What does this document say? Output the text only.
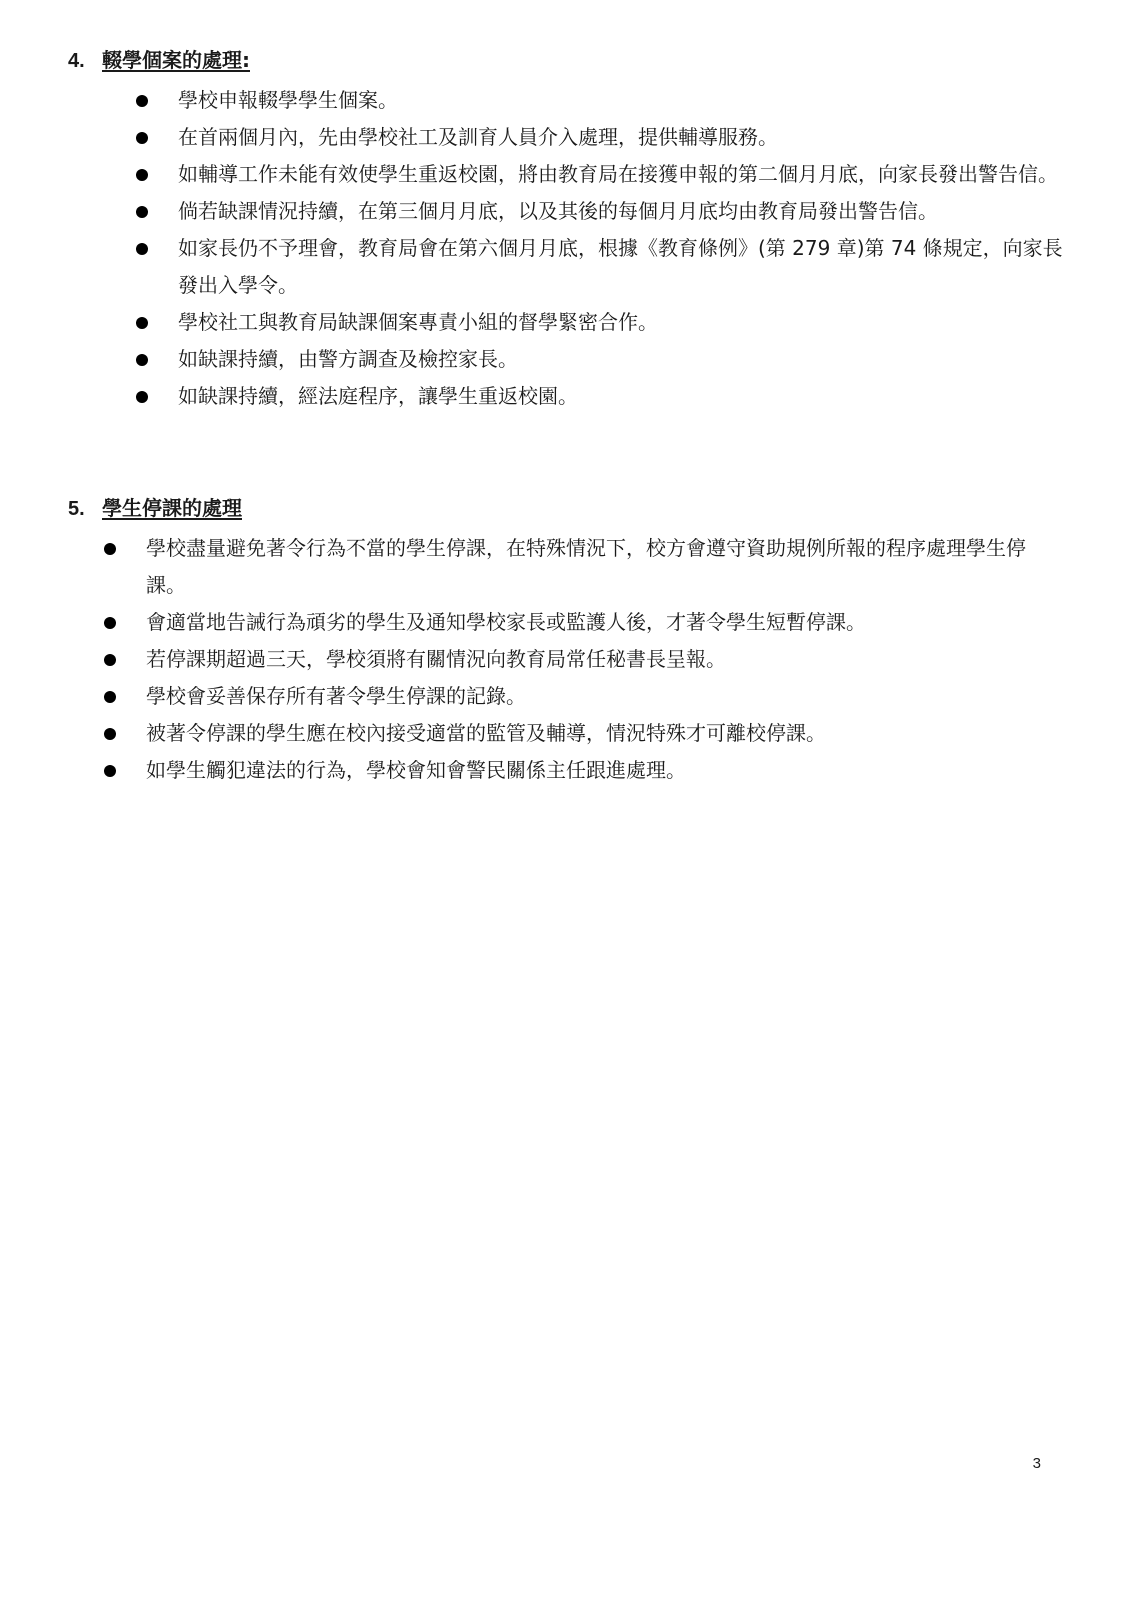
4. 輟學個案的處理:
學校申報輟學學生個案。
在首兩個月內，先由學校社工及訓育人員介入處理，提供輔導服務。
如輔導工作未能有效使學生重返校園，將由教育局在接獲申報的第二個月月底，向家長發出警告信。
倘若缺課情況持續，在第三個月月底，以及其後的每個月月底均由教育局發出警告信。
如家長仍不予理會，教育局會在第六個月月底，根據《教育條例》(第 279 章)第 74 條規定，向家長發出入學令。
學校社工與教育局缺課個案專責小組的督學緊密合作。
如缺課持續，由警方調查及檢控家長。
如缺課持續，經法庭程序，讓學生重返校園。
5. 學生停課的處理
學校盡量避免著令行為不當的學生停課，在特殊情況下，校方會遵守資助規例所報的程序處理學生停課。
會適當地告誡行為頑劣的學生及通知學校家長或監護人後，才著令學生短暫停課。
若停課期超過三天，學校須將有關情況向教育局常任秘書長呈報。
學校會妥善保存所有著令學生停課的記錄。
被著令停課的學生應在校內接受適當的監管及輔導，情況特殊才可離校停課。
如學生觸犯違法的行為，學校會知會警民關係主任跟進處理。
3
